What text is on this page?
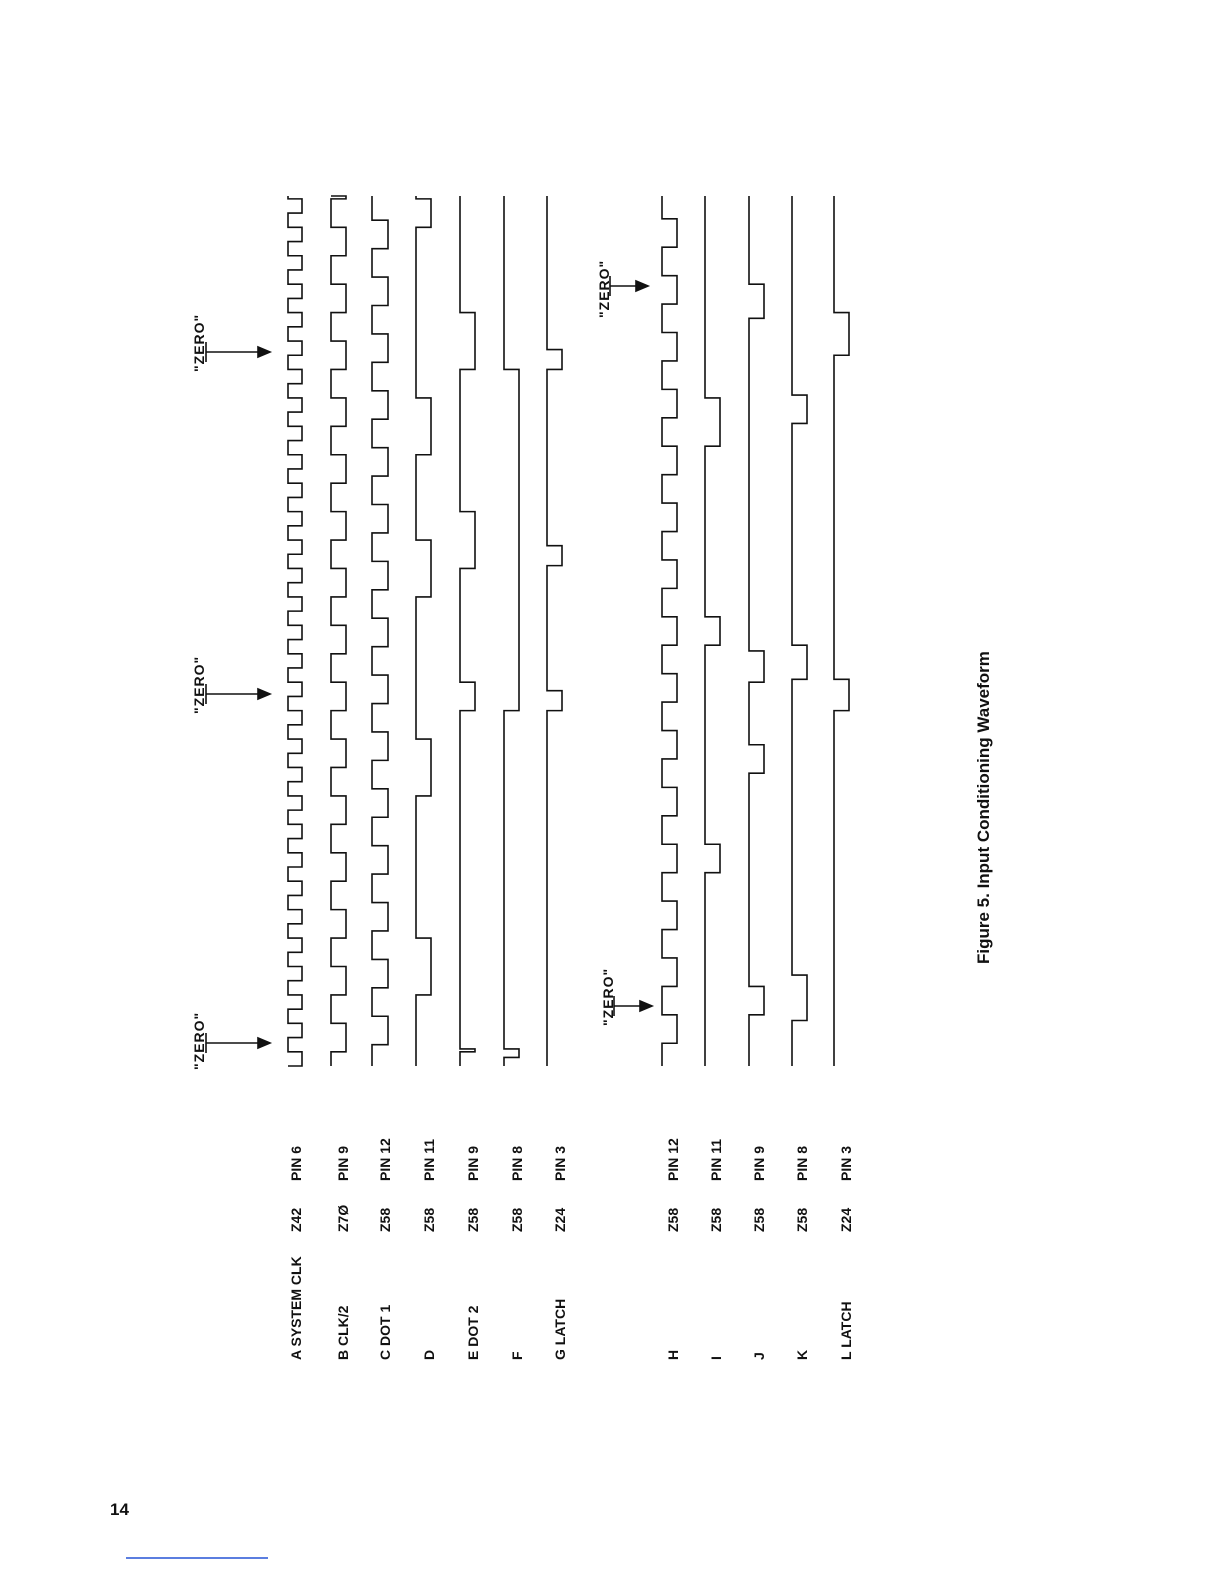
A SYSTEM CLK
Z42
PIN 6
B CLK/2
Z7Ø
PIN 9
C DOT 1
Z58
PIN 12
D
Z58
PIN 11
E DOT 2
Z58
PIN 9
F
Z58
PIN 8
G LATCH
Z24
PIN 3
H
Z58
PIN 12
I
Z58
PIN 11
J
Z58
PIN 9
K
Z58
PIN 8
L LATCH
Z24
PIN 3
"ZERO"
"ZERO"
"ZERO"
"ZERO"
"ZERO"
Figure 5. Input Conditioning Waveform
14
